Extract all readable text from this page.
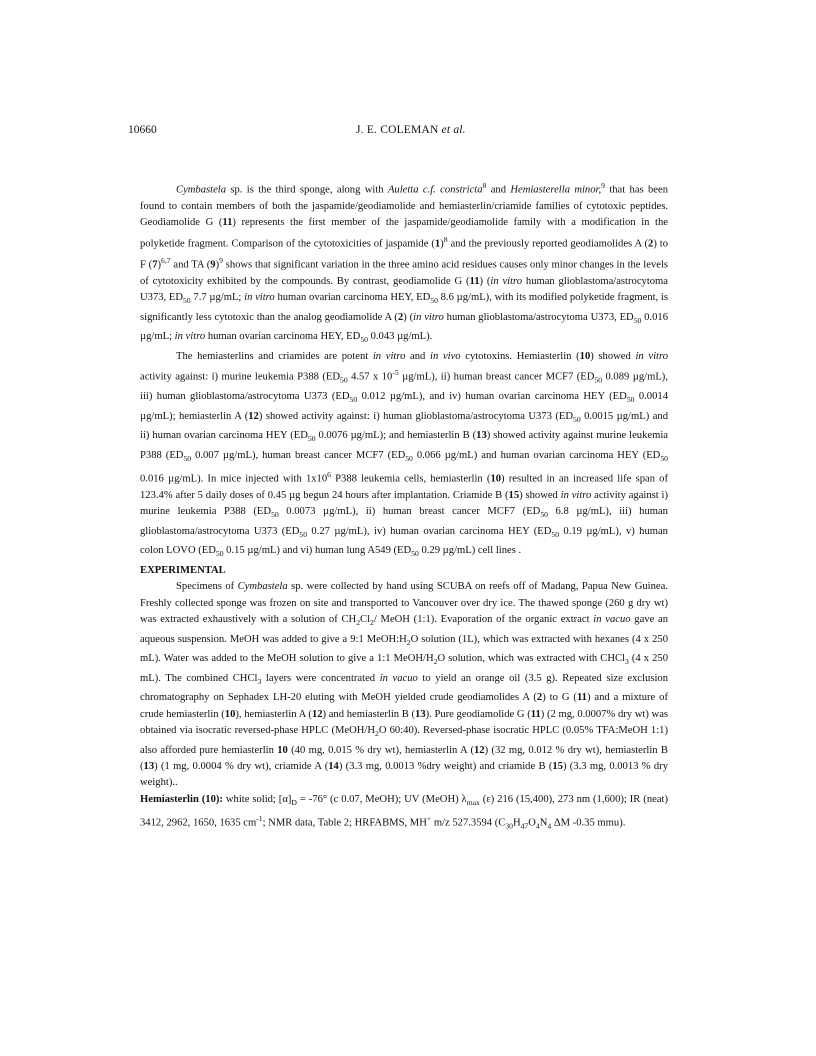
10660	J. E. COLEMAN et al.

Cymbastela sp. is the third sponge, along with Auletta c.f. constricta$^8$ and Hemiasterella minor,$^9$ that has been found to contain members of both the jaspamide/geodiamolide and hemiasterlin/criamide families of cytotoxic peptides. Geodiamolide G (11) represents the first member of the jaspamide/geodiamolide family with a modification in the polyketide fragment. Comparison of the cytotoxicities of jaspamide $(1)^8$ and the previously reported geodiamolides A (2) to F $(7)^{6,7}$ and TA $(9)^9$ shows that significant variation in the three amino acid residues causes only minor changes in the levels of cytotoxicity exhibited by the compounds. By contrast, geodiamolide G (11) (in vitro human glioblastoma/astrocytoma U373, $ED_{50}$ 7.7 µg/mL; in vitro human ovarian carcinoma HEY, $ED_{50}$ 8.6 µg/mL), with its modified polyketide fragment, is significantly less cytotoxic than the analog geodiamolide A (2) (in vitro human glioblastoma/astrocytoma U373, $ED_{50}$ 0.016 µg/mL; in vitro human ovarian carcinoma HEY, $ED_{50}$ 0.043 µg/mL).

The hemiasterlins and criamides are potent in vitro and in vivo cytotoxins. Hemiasterlin (10) showed in vitro activity against: i) murine leukemia P388 ($ED_{50}$ 4.57 x $10^{-5}$ µg/mL), ii) human breast cancer MCF7 ($ED_{50}$ 0.089 µg/mL), iii) human glioblastoma/astrocytoma U373 ($ED_{50}$ 0.012 µg/mL), and iv) human ovarian carcinoma HEY ($ED_{50}$ 0.0014 µg/mL); hemiasterlin A (12) showed activity against: i) human glioblastoma/astrocytoma U373 ($ED_{50}$ 0.0015 µg/mL) and ii) human ovarian carcinoma HEY ($ED_{50}$ 0.0076 µg/mL); and hemiasterlin B (13) showed activity against murine leukemia P388 ($ED_{50}$ 0.007 µg/mL), human breast cancer MCF7 ($ED_{50}$ 0.066 µg/mL) and human ovarian carcinoma HEY ($ED_{50}$ 0.016 µg/mL). In mice injected with $1x10^6$ P388 leukemia cells, hemiasterlin (10) resulted in an increased life span of 123.4% after 5 daily doses of 0.45 µg begun 24 hours after implantation. Criamide B (15) showed in vitro activity against i) murine leukemia P388 ($ED_{50}$ 0.0073 µg/mL), ii) human breast cancer MCF7 ($ED_{50}$ 6.8 µg/mL), iii) human glioblastoma/astrocytoma U373 ($ED_{50}$ 0.27 µg/mL), iv) human ovarian carcinoma HEY ($ED_{50}$ 0.19 µg/mL), v) human colon LOVO ($ED_{50}$ 0.15 µg/mL) and vi) human lung A549 ($ED_{50}$ 0.29 µg/mL) cell lines .

EXPERIMENTAL

Specimens of Cymbastela sp. were collected by hand using SCUBA on reefs off of Madang, Papua New Guinea. Freshly collected sponge was frozen on site and transported to Vancouver over dry ice. The thawed sponge (260 g dry wt) was extracted exhaustively with a solution of $CH_2Cl_2/$ MeOH (1:1). Evaporation of the organic extract in vacuo gave an aqueous suspension. MeOH was added to give a 9:1 $MeOH:H_2O$ solution (1L), which was extracted with hexanes (4 x 250 mL). Water was added to the MeOH solution to give a 1:1 MeOH/$H_2O$ solution, which was extracted with CHCl$_3$ (4 x 250 mL). The combined CHCl$_3$ layers were concentrated in vacuo to yield an orange oil (3.5 g). Repeated size exclusion chromatography on Sephadex LH-20 eluting with MeOH yielded crude geodiamolides A (2) to G (11) and a mixture of crude hemiasterlin (10), hemiasterlin A (12) and hemiasterlin B (13). Pure geodiamolide G (11) (2 mg, 0.0007% dry wt) was obtained via isocratic reversed-phase HPLC ($MeOH/H_2O$ 60:40). Reversed-phase isocratic HPLC (0.05% TFA:MeOH 1:1) also afforded pure hemiasterlin 10 (40 mg, 0.015 % dry wt), hemiasterlin A (12) (32 mg, 0.012 % dry wt), hemiasterlin B (13) (1 mg, 0.0004 % dry wt), criamide A (14) (3.3 mg, 0.0013 %dry weight) and criamide B (15) (3.3 mg, 0.0013 % dry weight)..

Hemiasterlin (10): white solid; $[\alpha]_D = -76^\circ$ (c 0.07, MeOH); UV (MeOH) $\lambda_{max}$ (ε) 216 (15,400), 273 nm (1,600); IR (neat) 3412, 2962, 1650, 1635 $cm^{-1}$; NMR data, Table 2; HRFABMS, MH+ m/z 527.3594 ($C_{30}H_{47}O_4N_4$ ΔM -0.35 mmu).
